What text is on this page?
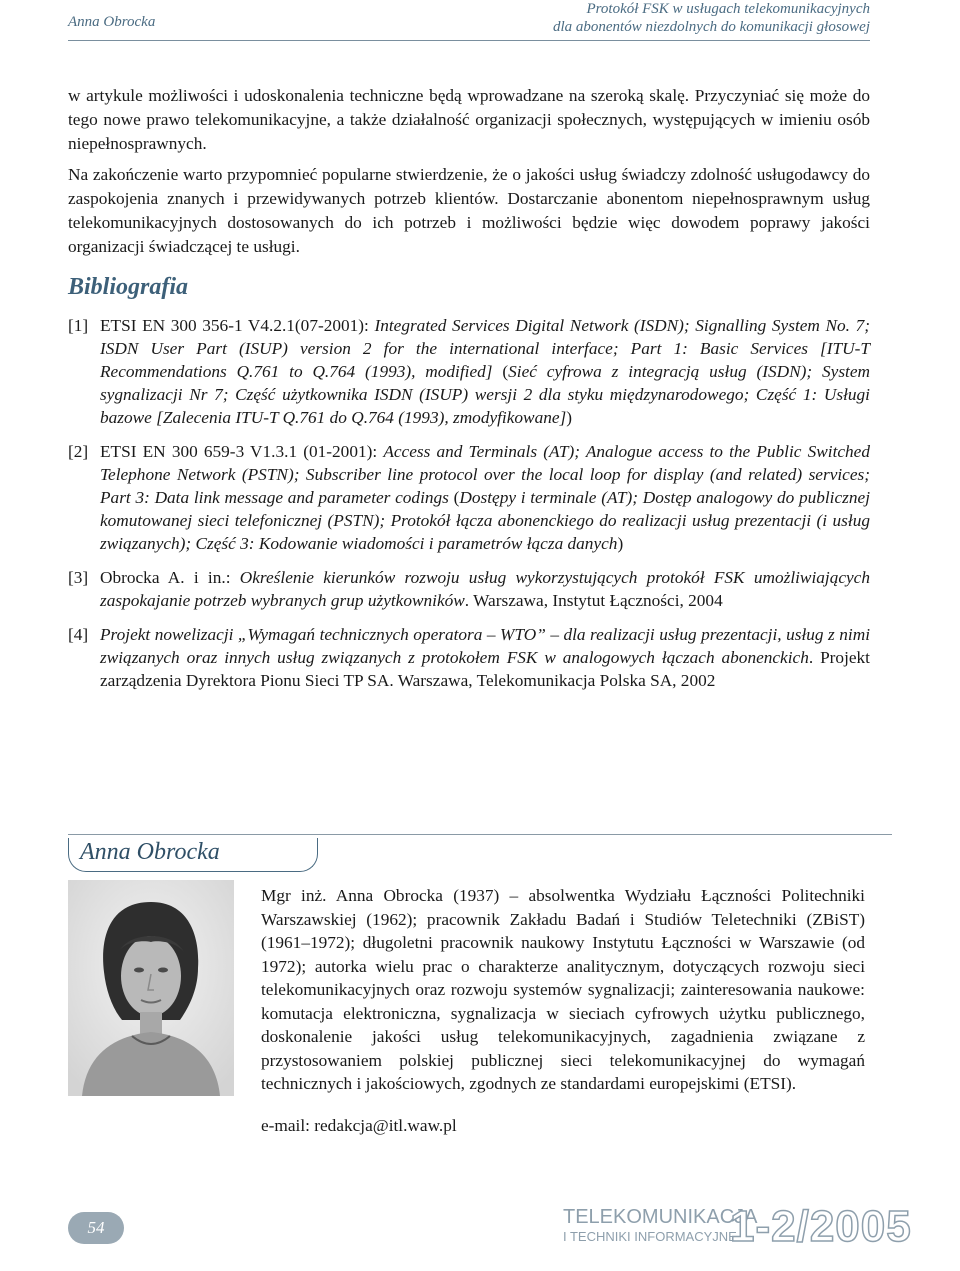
Anna Obrocka
Protokół FSK w usługach telekomunikacyjnych
dla abonentów niezdolnych do komunikacji głosowej

w artykule możliwości i udoskonalenia techniczne będą wprowadzane na szeroką skalę. Przyczyniać się może do tego nowe prawo telekomunikacyjne, a także działalność organizacji społecznych, występujących w imieniu osób niepełnosprawnych.

Na zakończenie warto przypomnieć popularne stwierdzenie, że o jakości usług świadczy zdolność usługodawcy do zaspokojenia znanych i przewidywanych potrzeb klientów. Dostarczanie abonentom niepełnosprawnym usług telekomunikacyjnych dostosowanych do ich potrzeb i możliwości będzie więc dowodem poprawy jakości organizacji świadczącej te usługi.

Bibliografia
[1] ETSI EN 300 356-1 V4.2.1(07-2001): Integrated Services Digital Network (ISDN); Signalling System No. 7; ISDN User Part (ISUP) version 2 for the international interface; Part 1: Basic Services [ITU-T Recommendations Q.761 to Q.764 (1993), modified] (Sieć cyfrowa z integracją usług (ISDN); System sygnalizacji Nr 7; Część użytkownika ISDN (ISUP) wersji 2 dla styku międzynarodowego; Część 1: Usługi bazowe [Zalecenia ITU-T Q.761 do Q.764 (1993), zmodyfikowane])
[2] ETSI EN 300 659-3 V1.3.1 (01-2001): Access and Terminals (AT); Analogue access to the Public Switched Telephone Network (PSTN); Subscriber line protocol over the local loop for display (and related) services; Part 3: Data link message and parameter codings (Dostępy i terminale (AT); Dostęp analogowy do publicznej komutowanej sieci telefonicznej (PSTN); Protokół łącza abonenckiego do realizacji usług prezentacji (i usług związanych); Część 3: Kodowanie wiadomości i parametrów łącza danych)
[3] Obrocka A. i in.: Określenie kierunków rozwoju usług wykorzystujących protokół FSK umożliwiających zaspokajanie potrzeb wybranych grup użytkowników. Warszawa, Instytut Łączności, 2004
[4] Projekt nowelizacji „Wymagań technicznych operatora – WTO” – dla realizacji usług prezentacji, usług z nimi związanych oraz innych usług związanych z protokołem FSK w analogowych łączach abonenckich. Projekt zarządzenia Dyrektora Pionu Sieci TP SA. Warszawa, Telekomunikacja Polska SA, 2002
Anna Obrocka

Mgr inż. Anna Obrocka (1937) – absolwentka Wydziału Łączności Politechniki Warszawskiej (1962); pracownik Zakładu Badań i Studiów Teletechniki (ZBiST) (1961–1972); długoletni pracownik naukowy Instytutu Łączności w Warszawie (od 1972); autorka wielu prac o charakterze analitycznym, dotyczących rozwoju sieci telekomunikacyjnych oraz rozwoju systemów sygnalizacji; zainteresowania naukowe: komutacja elektroniczna, sygnalizacja w sieciach cyfrowych użytku publicznego, doskonalenie jakości usług telekomunikacyjnych, zagadnienia związane z przystosowaniem polskiej publicznej sieci telekomunikacyjnej do wymagań technicznych i jakościowych, zgodnych ze standardami europejskimi (ETSI).

e-mail: redakcja@itl.waw.pl
54	TELEKOMUNIKACJA
I TECHNIKI INFORMACYJNE
1-2/2005
